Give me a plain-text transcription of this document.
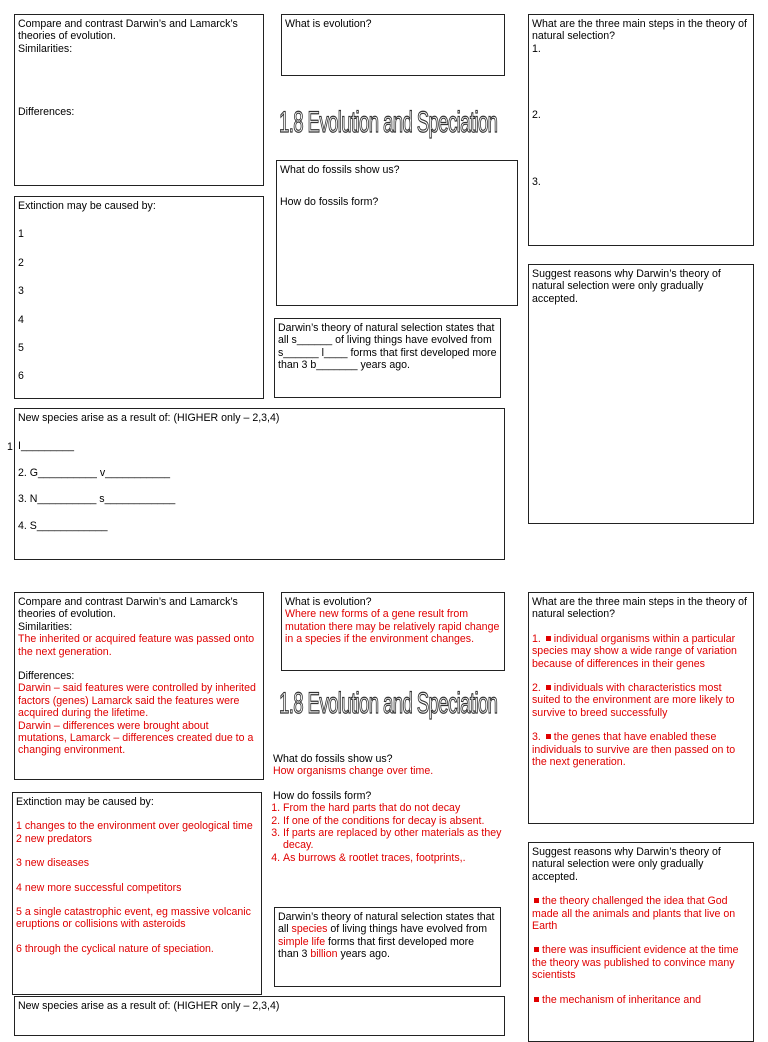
Compare and contrast Darwin’s and Lamarck’s theories of evolution.

Similarities:

Differences:

What is evolution?	What are the three main steps in the theory of natural selection?

1.

2.

3.

1.8 Evolution and Speciation

What do fossils show us?

How do fossils form?

Extinction may be caused by:

1

2

3

4

5

6

Darwin’s theory of natural selection states that all s______ of living things have evolved from s______ l____ forms that first developed more than 3 b_______ years ago.

Suggest reasons why Darwin’s theory of natural selection were only gradually accepted.

1

New species arise as a result of: (HIGHER only – 2,3,4)

I_________

2. G__________ v___________

3. N__________ s____________

4. S____________

Compare and contrast Darwin’s and Lamarck’s theories of evolution.

Similarities:

The inherited or acquired feature was passed onto the next generation.

Differences:

Darwin – said features were controlled by inherited factors (genes) Lamarck said the features were acquired during the lifetime.

Darwin – differences were brought about mutations, Lamarck – differences created due to a changing environment.

What is evolution?

Where new forms of a gene result from mutation there may be relatively rapid change in a species if the environment changes.

What are the three main steps in the theory of natural selection?

1. individual organisms within a particular species may show a wide range of variation because of differences in their genes

2. individuals with characteristics most suited to the environment are more likely to survive to breed successfully

3. the genes that have enabled these individuals to survive are then passed on to the next generation.

1.8 Evolution and Speciation

What do fossils show us?

How organisms change over time.

How do fossils form?

1. From the hard parts that do not decay
2. If one of the conditions for decay is absent.
3. If parts are replaced by other materials as they decay.
4. As burrows & rootlet traces, footprints,.

Extinction may be caused by:

1 changes to the environment over geological time

2 new predators

3 new diseases

4 new more successful competitors

5 a single catastrophic event, eg massive volcanic eruptions or collisions with asteroids

6 through the cyclical nature of speciation.

Darwin’s theory of natural selection states that all species of living things have evolved from simple life forms that first developed more than 3 billion years ago.

Suggest reasons why Darwin’s theory of natural selection were only gradually accepted.

the theory challenged the idea that God made all the animals and plants that live on Earth

there was insufficient evidence at the time the theory was published to convince many scientists

the mechanism of inheritance and

New species arise as a result of: (HIGHER only – 2,3,4)
